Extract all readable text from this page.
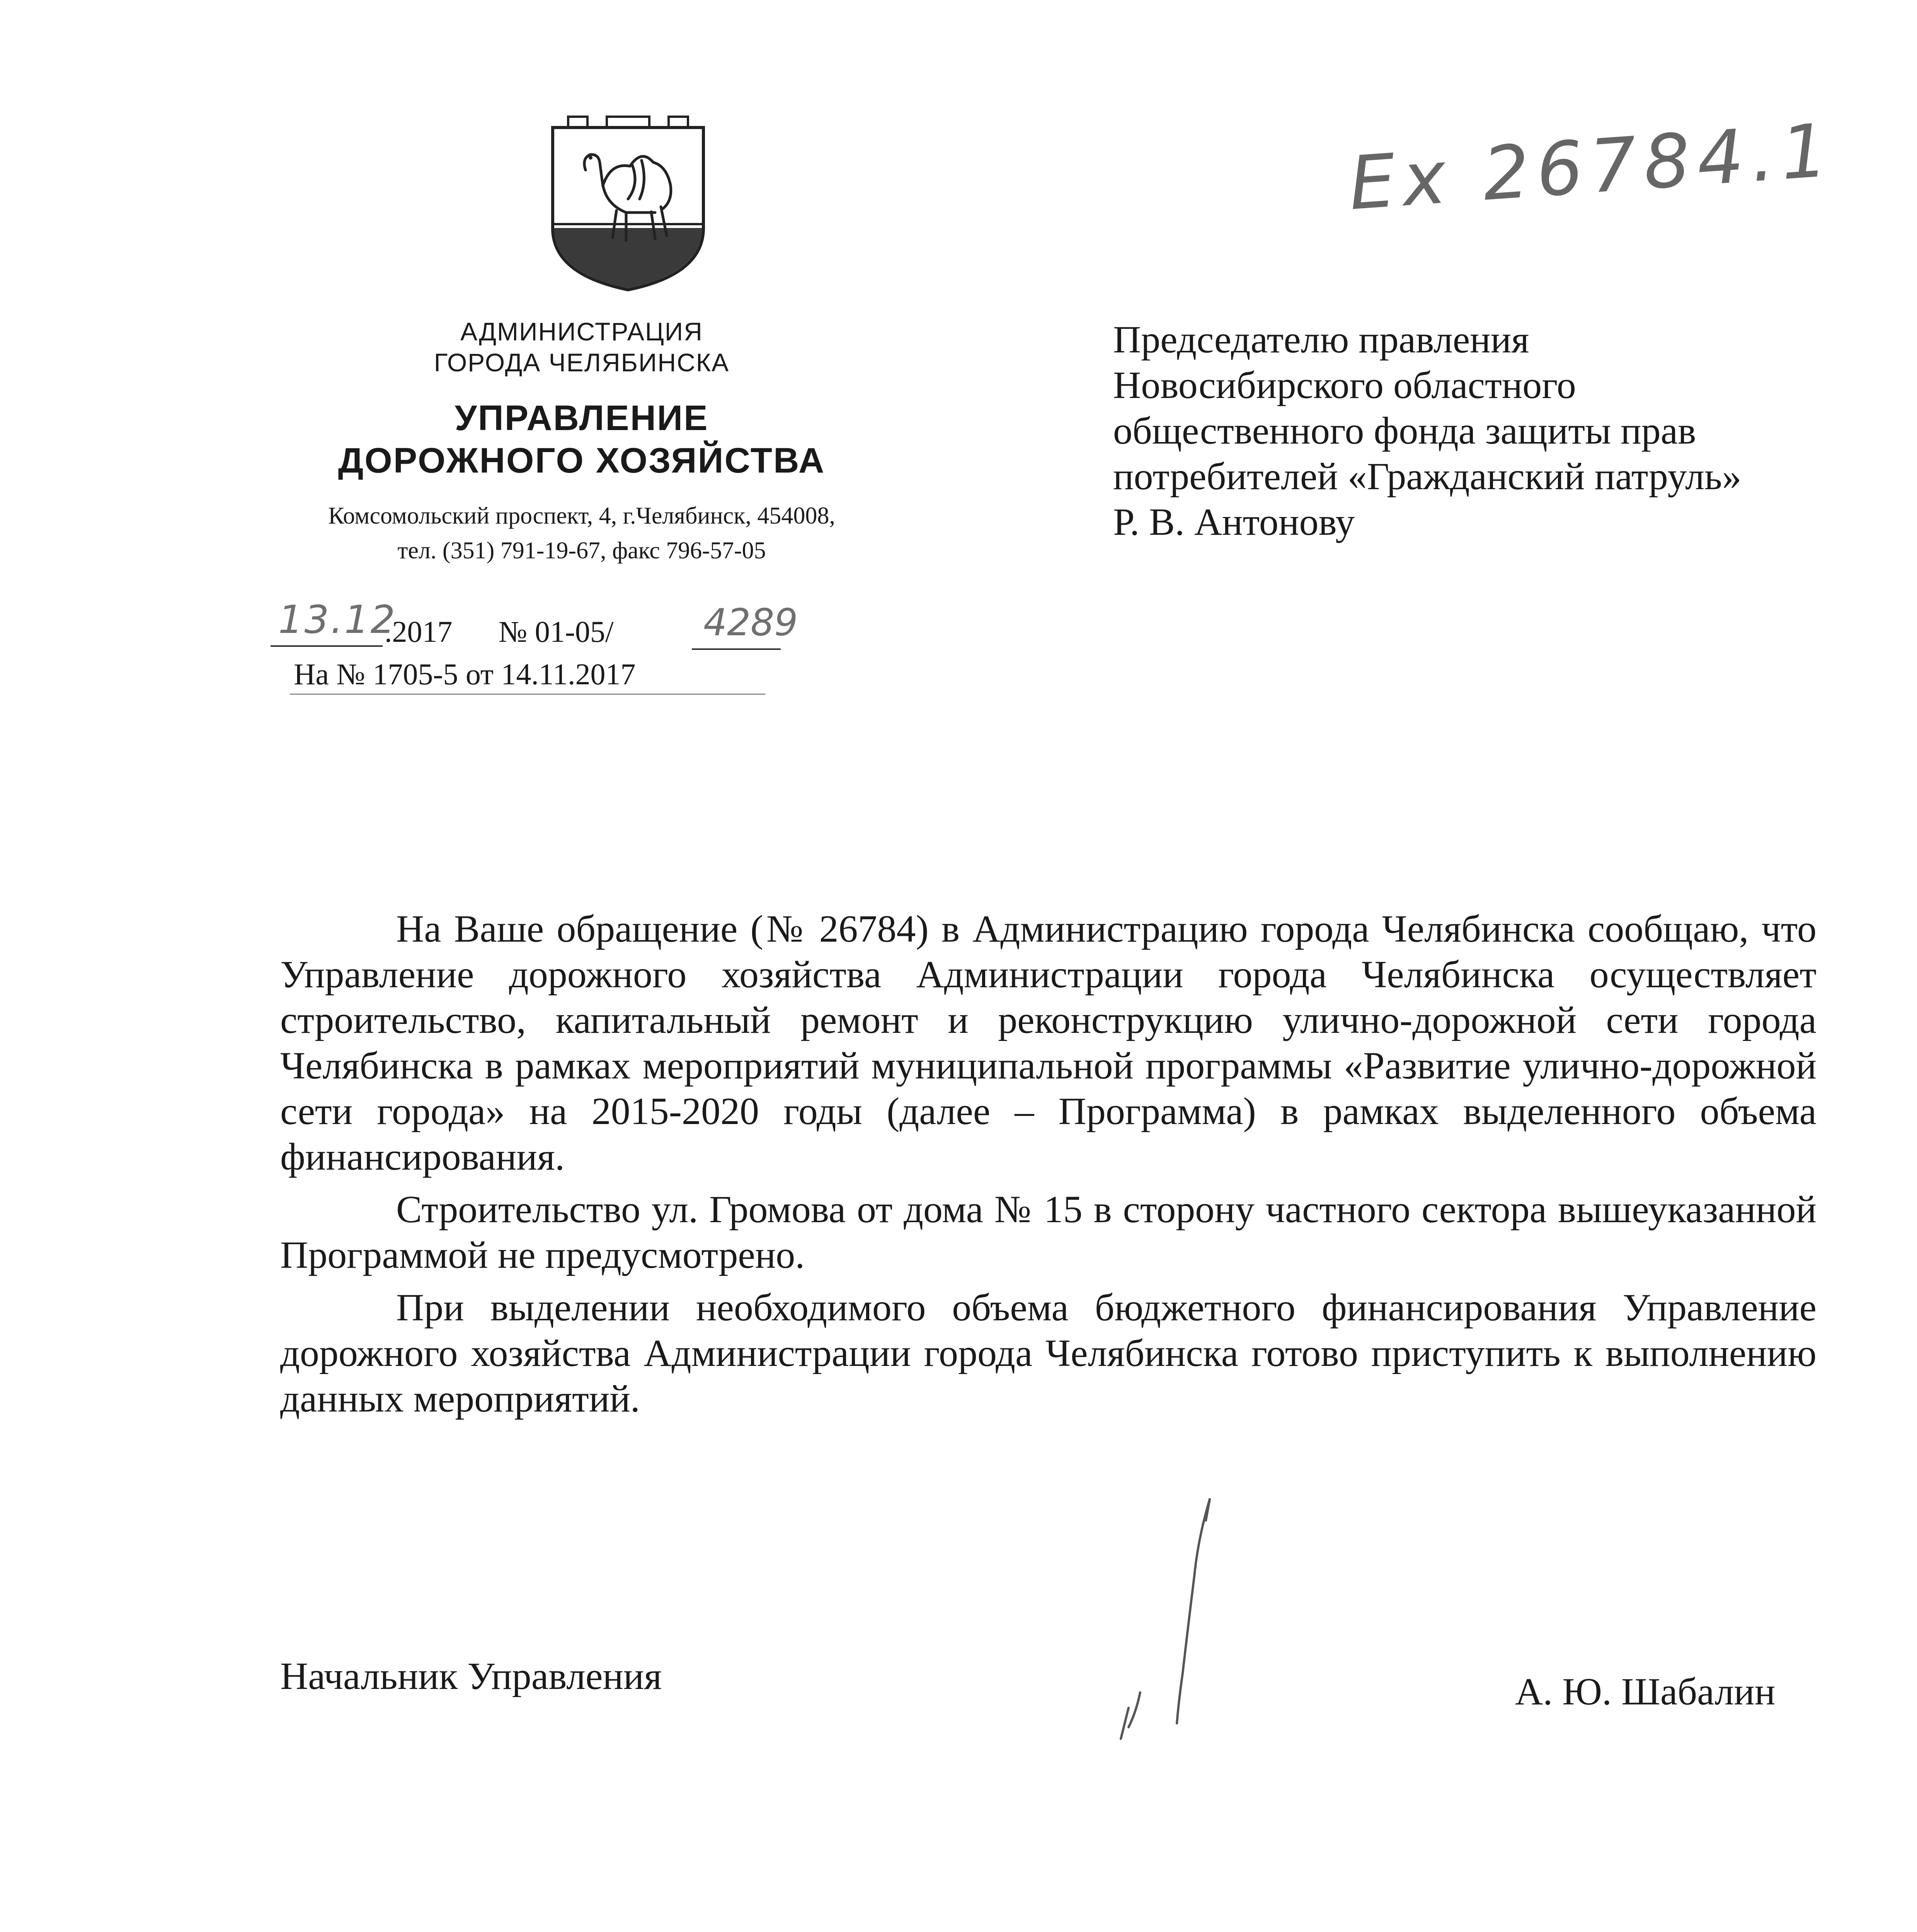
АДМИНИСТРАЦИЯ
ГОРОДА ЧЕЛЯБИНСКА
УПРАВЛЕНИЕ
ДОРОЖНОГО ХОЗЯЙСТВА
Комсомольский проспект, 4, г.Челябинск, 454008,
тел. (351) 791-19-67, факс 796-57-05
13.12
.2017 № 01-05/ 4289
На № 1705-5 от 14.11.2017
Ех 26784.1
Председателю правления
Новосибирского областного
общественного фонда защиты прав
потребителей «Гражданский патруль»
Р. В. Антонову

На Ваше обращение (№ 26784) в Администрацию города Челябинска сообщаю, что Управление дорожного хозяйства Администрации города Челябинска осуществляет строительство, капитальный ремонт и реконструкцию улично-дорожной сети города Челябинска в рамках мероприятий муниципальной программы «Развитие улично-дорожной сети города» на 2015-2020 годы (далее – Программа) в рамках выделенного объема финансирования.

Строительство ул. Громова от дома № 15 в сторону частного сектора вышеуказанной Программой не предусмотрено.

При выделении необходимого объема бюджетного финансирования Управление дорожного хозяйства Администрации города Челябинска готово приступить к выполнению данных мероприятий.

Начальник Управления	А. Ю. Шабалин
